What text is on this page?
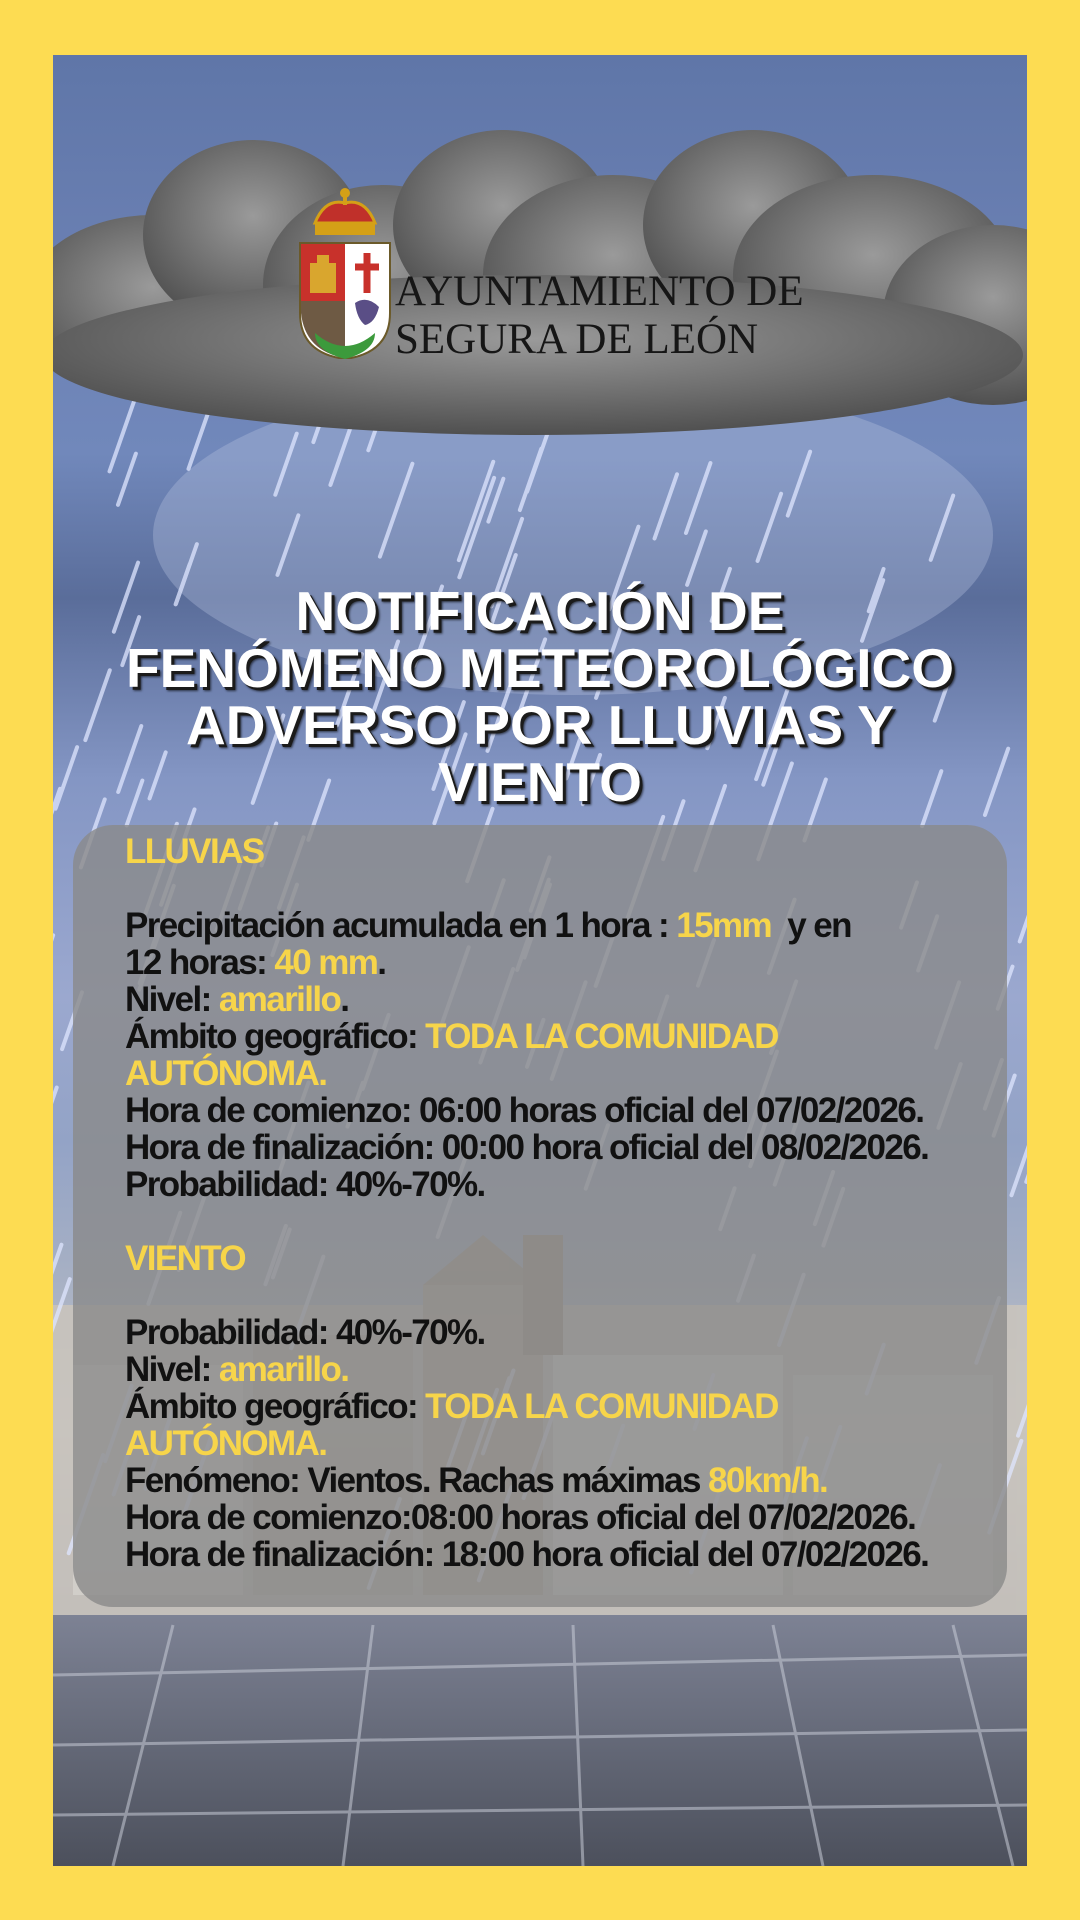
AYUNTAMIENTO DE
SEGURA DE LEÓN
NOTIFICACIÓN DE
FENÓMENO METEOROLÓGICO
ADVERSO POR LLUVIAS Y
VIENTO
LLUVIAS
Precipitación acumulada en 1 hora : 15mm  y en
12 horas: 40 mm.
Nivel: amarillo.
Ámbito geográfico: TODA LA COMUNIDAD
AUTÓNOMA.
Hora de comienzo: 06:00 horas oficial del 07/02/2026.
Hora de finalización: 00:00 hora oficial del 08/02/2026.
Probabilidad: 40%-70%.
VIENTO
Probabilidad: 40%-70%.
Nivel: amarillo.
Ámbito geográfico: TODA LA COMUNIDAD
AUTÓNOMA.
Fenómeno: Vientos. Rachas máximas 80km/h.
Hora de comienzo:08:00 horas oficial del 07/02/2026.
Hora de finalización: 18:00 hora oficial del 07/02/2026.
